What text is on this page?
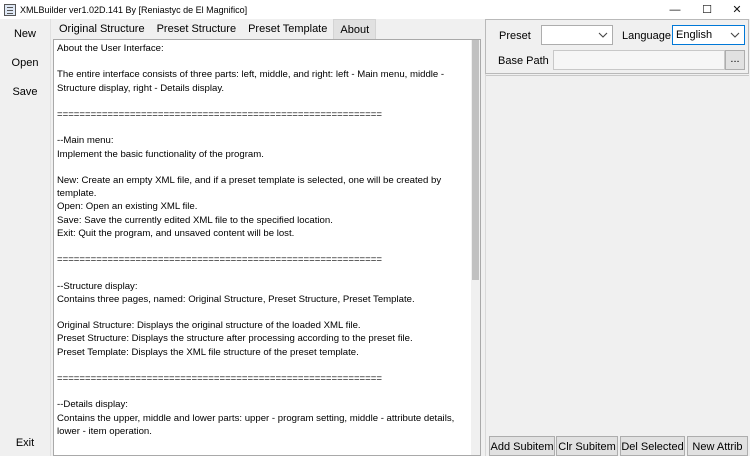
XMLBuilder ver1.02D.141 By [Reniastyc de El Magnifico]	—	☐	✕
New
Open
Save
Exit
Original Structure	Preset Structure	Preset Template	About
About the User Interface:

The entire interface consists of three parts: left, middle, and right: left - Main menu, middle - Structure display, right - Details display.

==========================================================

--Main menu:
Implement the basic functionality of the program.

New: Create an empty XML file, and if a preset template is selected, one will be created by template.
Open: Open an existing XML file.
Save: Save the currently edited XML file to the specified location.
Exit: Quit the program, and unsaved content will be lost.

==========================================================

--Structure display:
Contains three pages, named: Original Structure, Preset Structure, Preset Template.

Original Structure: Displays the original structure of the loaded XML file.
Preset Structure: Displays the structure after processing according to the preset file.
Preset Template: Displays the XML file structure of the preset template.

==========================================================

--Details display:
Contains the upper, middle and lower parts: upper - program setting, middle - attribute details, lower - item operation.
Preset	Language English
Base Path	...
Add Subitem Clr Subitem Del Selected New Attrib
